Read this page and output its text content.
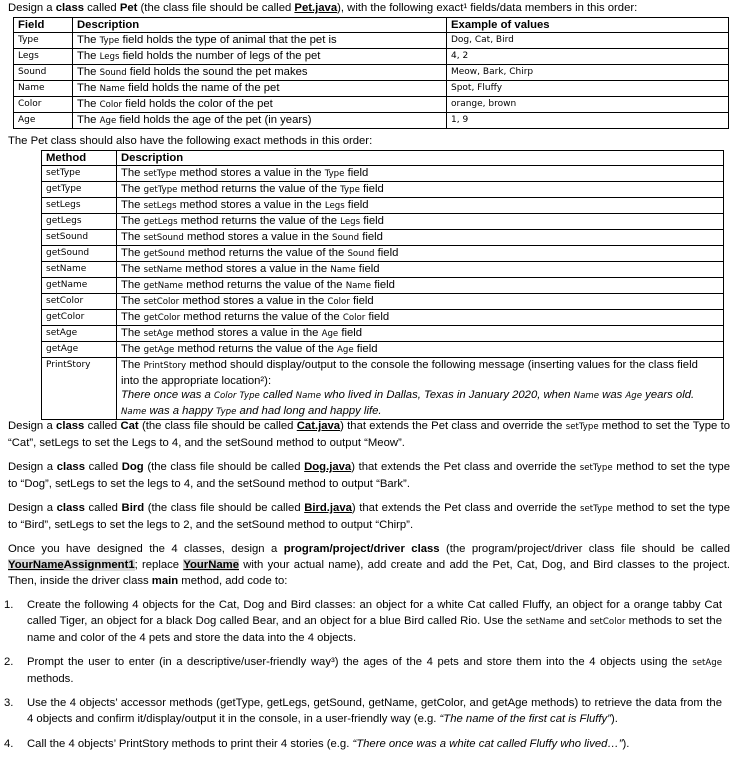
Design a class called Pet (the class file should be called Pet.java), with the following exact¹ fields/data members in this order:

Field	Description	Example of values
Type	The Type field holds the type of animal that the pet is	Dog, Cat, Bird
Legs	The Legs field holds the number of legs of the pet	4, 2
Sound	The Sound field holds the sound the pet makes	Meow, Bark, Chirp
Name	The Name field holds the name of the pet	Spot, Fluffy
Color	The Color field holds the color of the pet	orange, brown
Age	The Age field holds the age of the pet (in years)	1, 9

The Pet class should also have the following exact methods in this order:

Method	Description
setType	The setType method stores a value in the Type field
getType	The getType method returns the value of the Type field
setLegs	The setLegs method stores a value in the Legs field
getLegs	The getLegs method returns the value of the Legs field
setSound	The setSound method stores a value in the Sound field
getSound	The getSound method returns the value of the Sound field
setName	The setName method stores a value in the Name field
getName	The getName method returns the value of the Name field
setColor	The setColor method stores a value in the Color field
getColor	The getColor method returns the value of the Color field
setAge	The setAge method stores a value in the Age field
getAge	The getAge method returns the value of the Age field
PrintStory	The PrintStory method should display/output to the console the following message (inserting values for the class field into the appropriate location²):
There once was a Color Type called Name who lived in Dallas, Texas in January 2020, when Name was Age years old. Name was a happy Type and had long and happy life.

Design a class called Cat (the class file should be called Cat.java) that extends the Pet class and override the setType method to set the Type to “Cat”, setLegs to set the Legs to 4, and the setSound method to output “Meow”.

Design a class called Dog (the class file should be called Dog.java) that extends the Pet class and override the setType method to set the type to “Dog”, setLegs to set the legs to 4, and the setSound method to output “Bark”.

Design a class called Bird (the class file should be called Bird.java) that extends the Pet class and override the setType method to set the type to “Bird”, setLegs to set the legs to 2, and the setSound method to output “Chirp”.

Once you have designed the 4 classes, design a program/project/driver class (the program/project/driver class file should be called YourNameAssignment1; replace YourName with your actual name), add create and add the Pet, Cat, Dog, and Bird classes to the project. Then, inside the driver class main method, add code to:

1. Create the following 4 objects for the Cat, Dog and Bird classes: an object for a white Cat called Fluffy, an object for a orange tabby Cat called Tiger, an object for a black Dog called Bear, and an object for a blue Bird called Rio. Use the setName and setColor methods to set the name and color of the 4 pets and store the data into the 4 objects.

2. Prompt the user to enter (in a descriptive/user-friendly way³) the ages of the 4 pets and store them into the 4 objects using the setAge methods.

3. Use the 4 objects’ accessor methods (getType, getLegs, getSound, getName, getColor, and getAge methods) to retrieve the data from the 4 objects and confirm it/display/output it in the console, in a user-friendly way (e.g. “The name of the first cat is Fluffy”).

4. Call the 4 objects’ PrintStory methods to print their 4 stories (e.g. “There once was a white cat called Fluffy who lived…”).
